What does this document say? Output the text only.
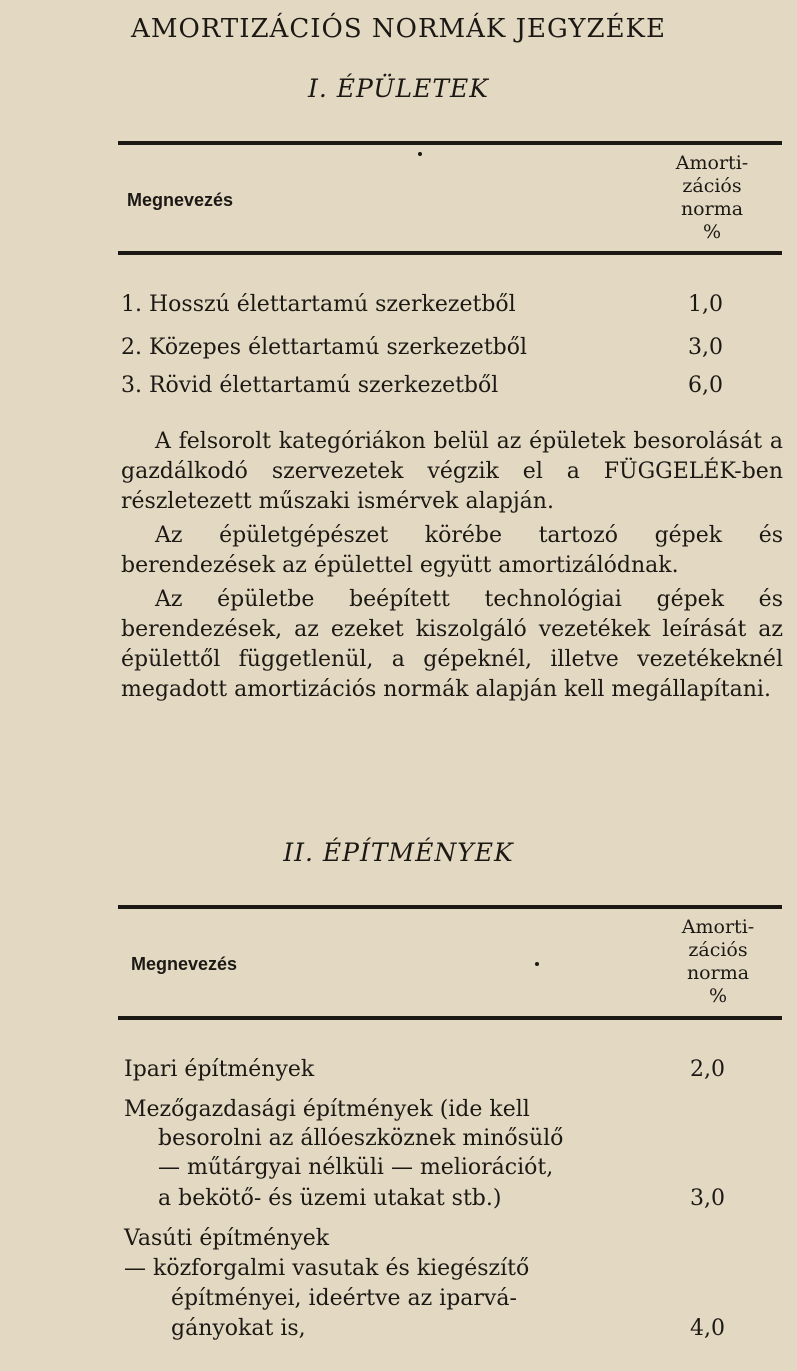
AMORTIZÁCIÓS NORMÁK JEGYZÉKE
I. ÉPÜLETEK
Megnevezés
Amorti-
zációs
norma
%
1. Hosszú élettartamú szerkezetből	1,0
2. Közepes élettartamú szerkezetből	3,0
3. Rövid élettartamú szerkezetből	6,0

A felsorolt kategóriákon belül az épületek besorolását a gazdálkodó szervezetek végzik el a FÜGGELÉK-ben részletezett műszaki ismérvek alapján.

Az épületgépészet körébe tartozó gépek és berendezések az épülettel együtt amortizálódnak.

Az épületbe beépített technológiai gépek és berendezések, az ezeket kiszolgáló vezetékek leírását az épülettől függetlenül, a gépeknél, illetve vezetékeknél megadott amortizációs normák alapján kell megállapítani.

II. ÉPÍTMÉNYEK
Megnevezés
Amorti-
zációs
norma
%
Ipari építmények	2,0
Mezőgazdasági építmények (ide kell
besorolni az állóeszköznek minősülő
— műtárgyai nélküli — meliorációt,
a bekötő- és üzemi utakat stb.)	3,0
Vasúti építmények
— közforgalmi vasutak és kiegészítő
építményei, ideértve az iparvá-
gányokat is,	4,0
